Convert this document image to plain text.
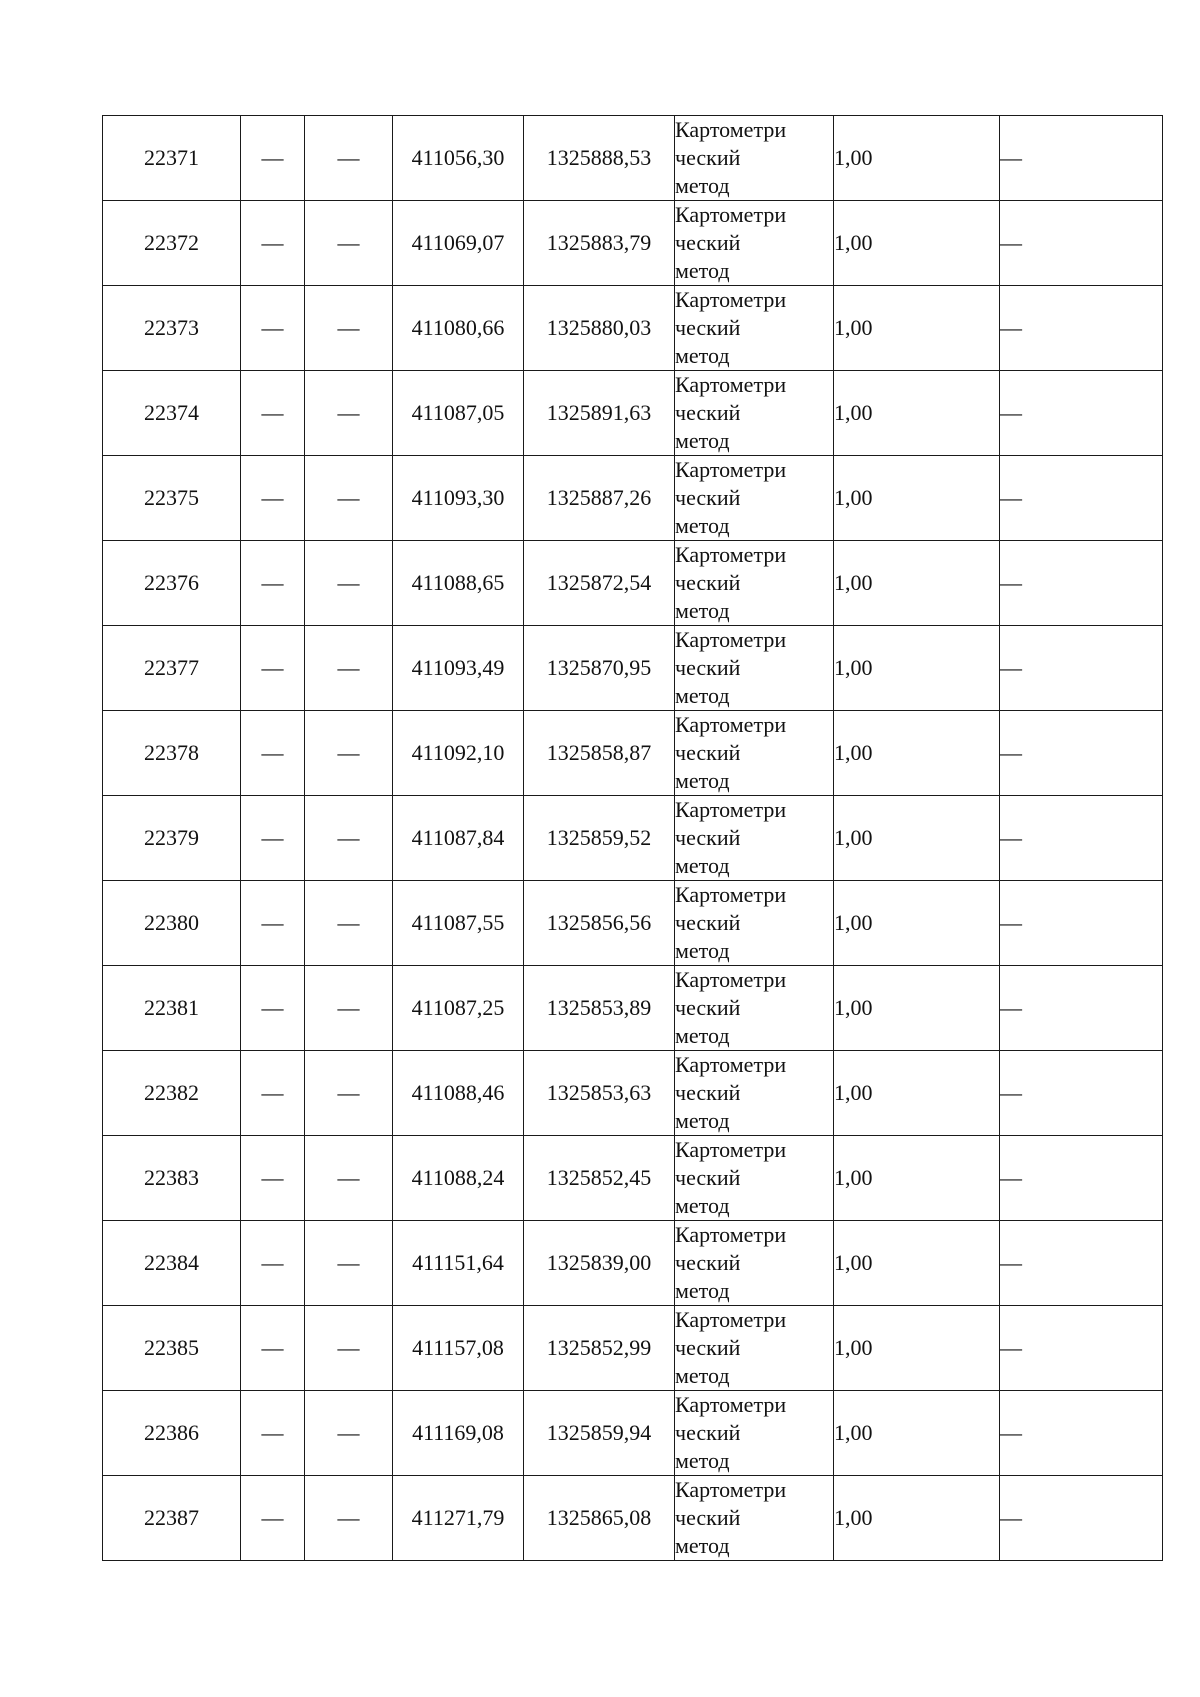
22371	—	—	411056,30	1325888,53	Картометри
ческий
метод	1,00	—
22372	—	—	411069,07	1325883,79	Картометри
ческий
метод	1,00	—
22373	—	—	411080,66	1325880,03	Картометри
ческий
метод	1,00	—
22374	—	—	411087,05	1325891,63	Картометри
ческий
метод	1,00	—
22375	—	—	411093,30	1325887,26	Картометри
ческий
метод	1,00	—
22376	—	—	411088,65	1325872,54	Картометри
ческий
метод	1,00	—
22377	—	—	411093,49	1325870,95	Картометри
ческий
метод	1,00	—
22378	—	—	411092,10	1325858,87	Картометри
ческий
метод	1,00	—
22379	—	—	411087,84	1325859,52	Картометри
ческий
метод	1,00	—
22380	—	—	411087,55	1325856,56	Картометри
ческий
метод	1,00	—
22381	—	—	411087,25	1325853,89	Картометри
ческий
метод	1,00	—
22382	—	—	411088,46	1325853,63	Картометри
ческий
метод	1,00	—
22383	—	—	411088,24	1325852,45	Картометри
ческий
метод	1,00	—
22384	—	—	411151,64	1325839,00	Картометри
ческий
метод	1,00	—
22385	—	—	411157,08	1325852,99	Картометри
ческий
метод	1,00	—
22386	—	—	411169,08	1325859,94	Картометри
ческий
метод	1,00	—
22387	—	—	411271,79	1325865,08	Картометри
ческий
метод	1,00	—
